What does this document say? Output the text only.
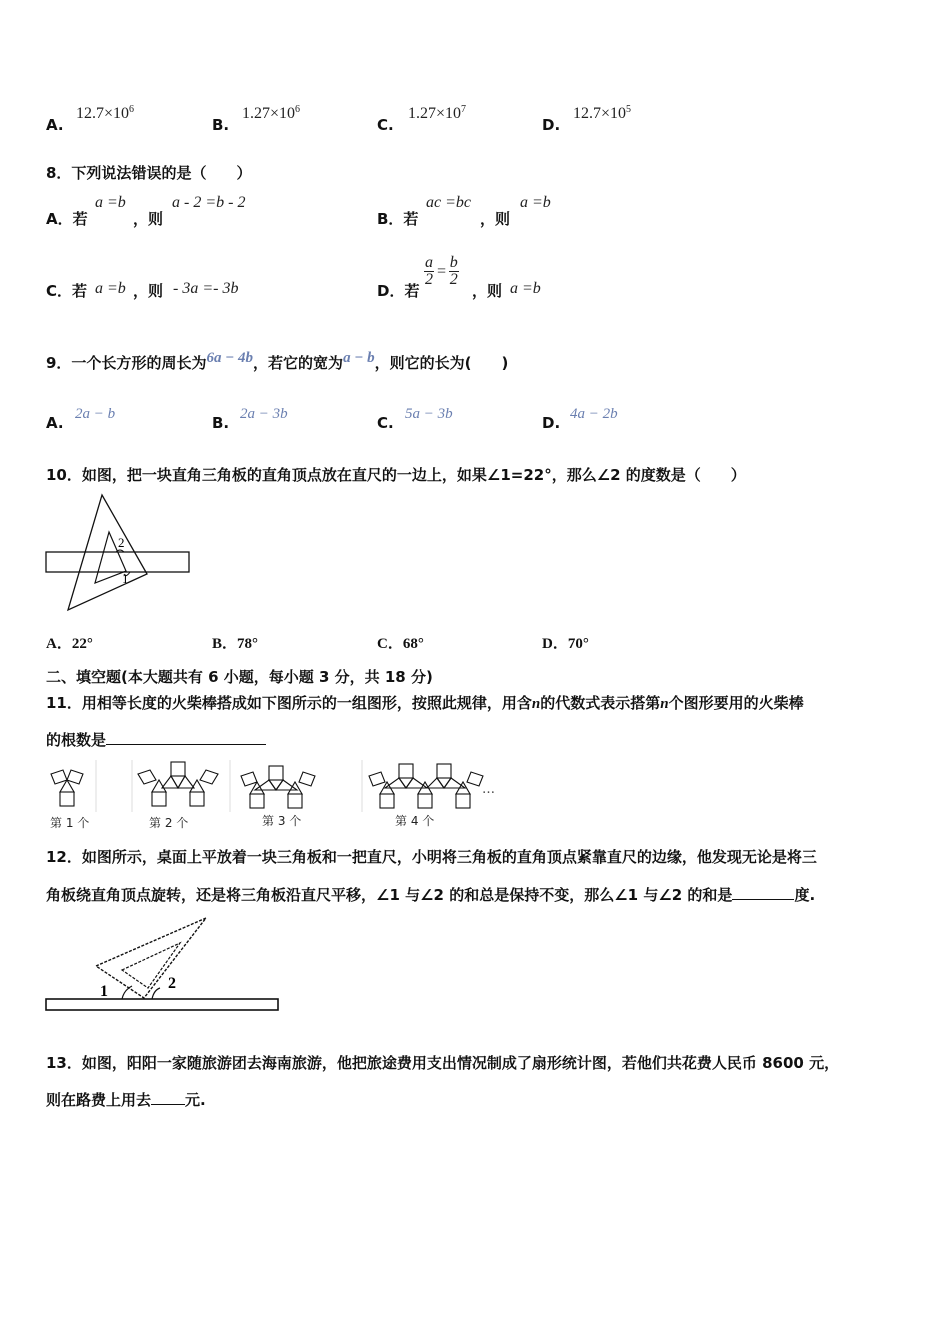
A.
$12.7\times 10^6$
B.
$1.27\times 10^6$
C.
$1.27\times 10^7$
D.
$12.7\times 10^5$
8．下列说法错误的是（　　）
A．若
a =b
，则
a - 2 =b - 2
B．若
ac =bc
，则
a =b
C．若 a =b ，则 - 3a =- 3b	D．若
$\frac{a}{2} = \frac{b}{2}$
，则 a =b
9．一个长方形的周长为6a − 4b，若它的宽为a − b，则它的长为(　　)
A. 2a − b	B. 2a − 3b	C. 5a − 3b	D. 4a − 2b
10．如图，把一块直角三角板的直角顶点放在直尺的一边上，如果∠1=22°，那么∠2 的度数是（　　）
2
1
A．22°	B．78°	C．68°	D．70°
二、填空题(本大题共有 6 小题，每小题 3 分，共 18 分)
11．用相等长度的火柴棒搭成如下图所示的一组图形，按照此规律，用含n的代数式表示搭第n个图形要用的火柴棒
的根数是
…
第 1 个	第 2 个	第 3 个	第 4 个
12．如图所示，桌面上平放着一块三角板和一把直尺，小明将三角板的直角顶点紧靠直尺的边缘，他发现无论是将三
角板绕直角顶点旋转，还是将三角板沿直尺平移，∠1 与∠2 的和总是保持不变，那么∠1 与∠2 的和是	度.
1	2
13．如图，阳阳一家随旅游团去海南旅游，他把旅途费用支出情况制成了扇形统计图，若他们共花费人民币 8600 元，
则在路费上用去 元.
